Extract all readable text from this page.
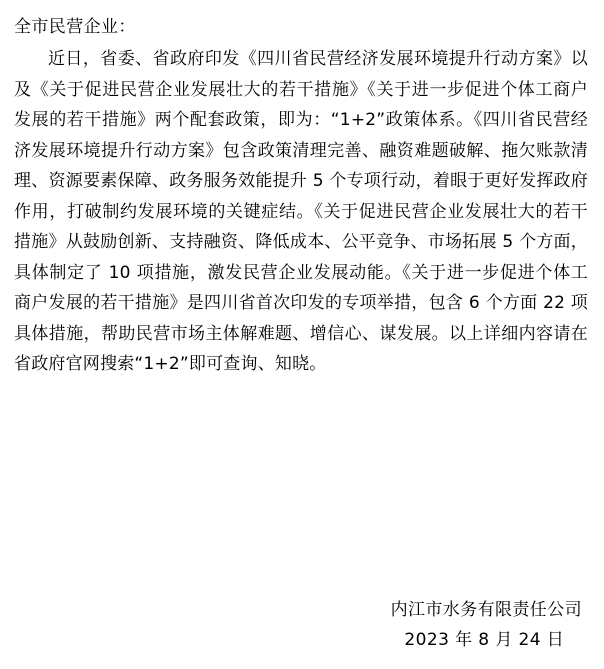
全市民营企业：

近日，省委、省政府印发《四川省民营经济发展环境提升行动方案》以及《关于促进民营企业发展壮大的若干措施》《关于进一步促进个体工商户发展的若干措施》两个配套政策，即为：“1+2”政策体系。《四川省民营经济发展环境提升行动方案》包含政策清理完善、融资难题破解、拖欠账款清理、资源要素保障、政务服务效能提升 5 个专项行动，着眼于更好发挥政府作用，打破制约发展环境的关键症结。《关于促进民营企业发展壮大的若干措施》从鼓励创新、支持融资、降低成本、公平竞争、市场拓展 5 个方面，具体制定了 10 项措施，激发民营企业发展动能。《关于进一步促进个体工商户发展的若干措施》是四川省首次印发的专项举措，包含 6 个方面 22 项具体措施，帮助民营市场主体解难题、增信心、谋发展。以上详细内容请在省政府官网搜索“1+2”即可查询、知晓。

内江市水务有限责任公司
2023 年 8 月 24 日
